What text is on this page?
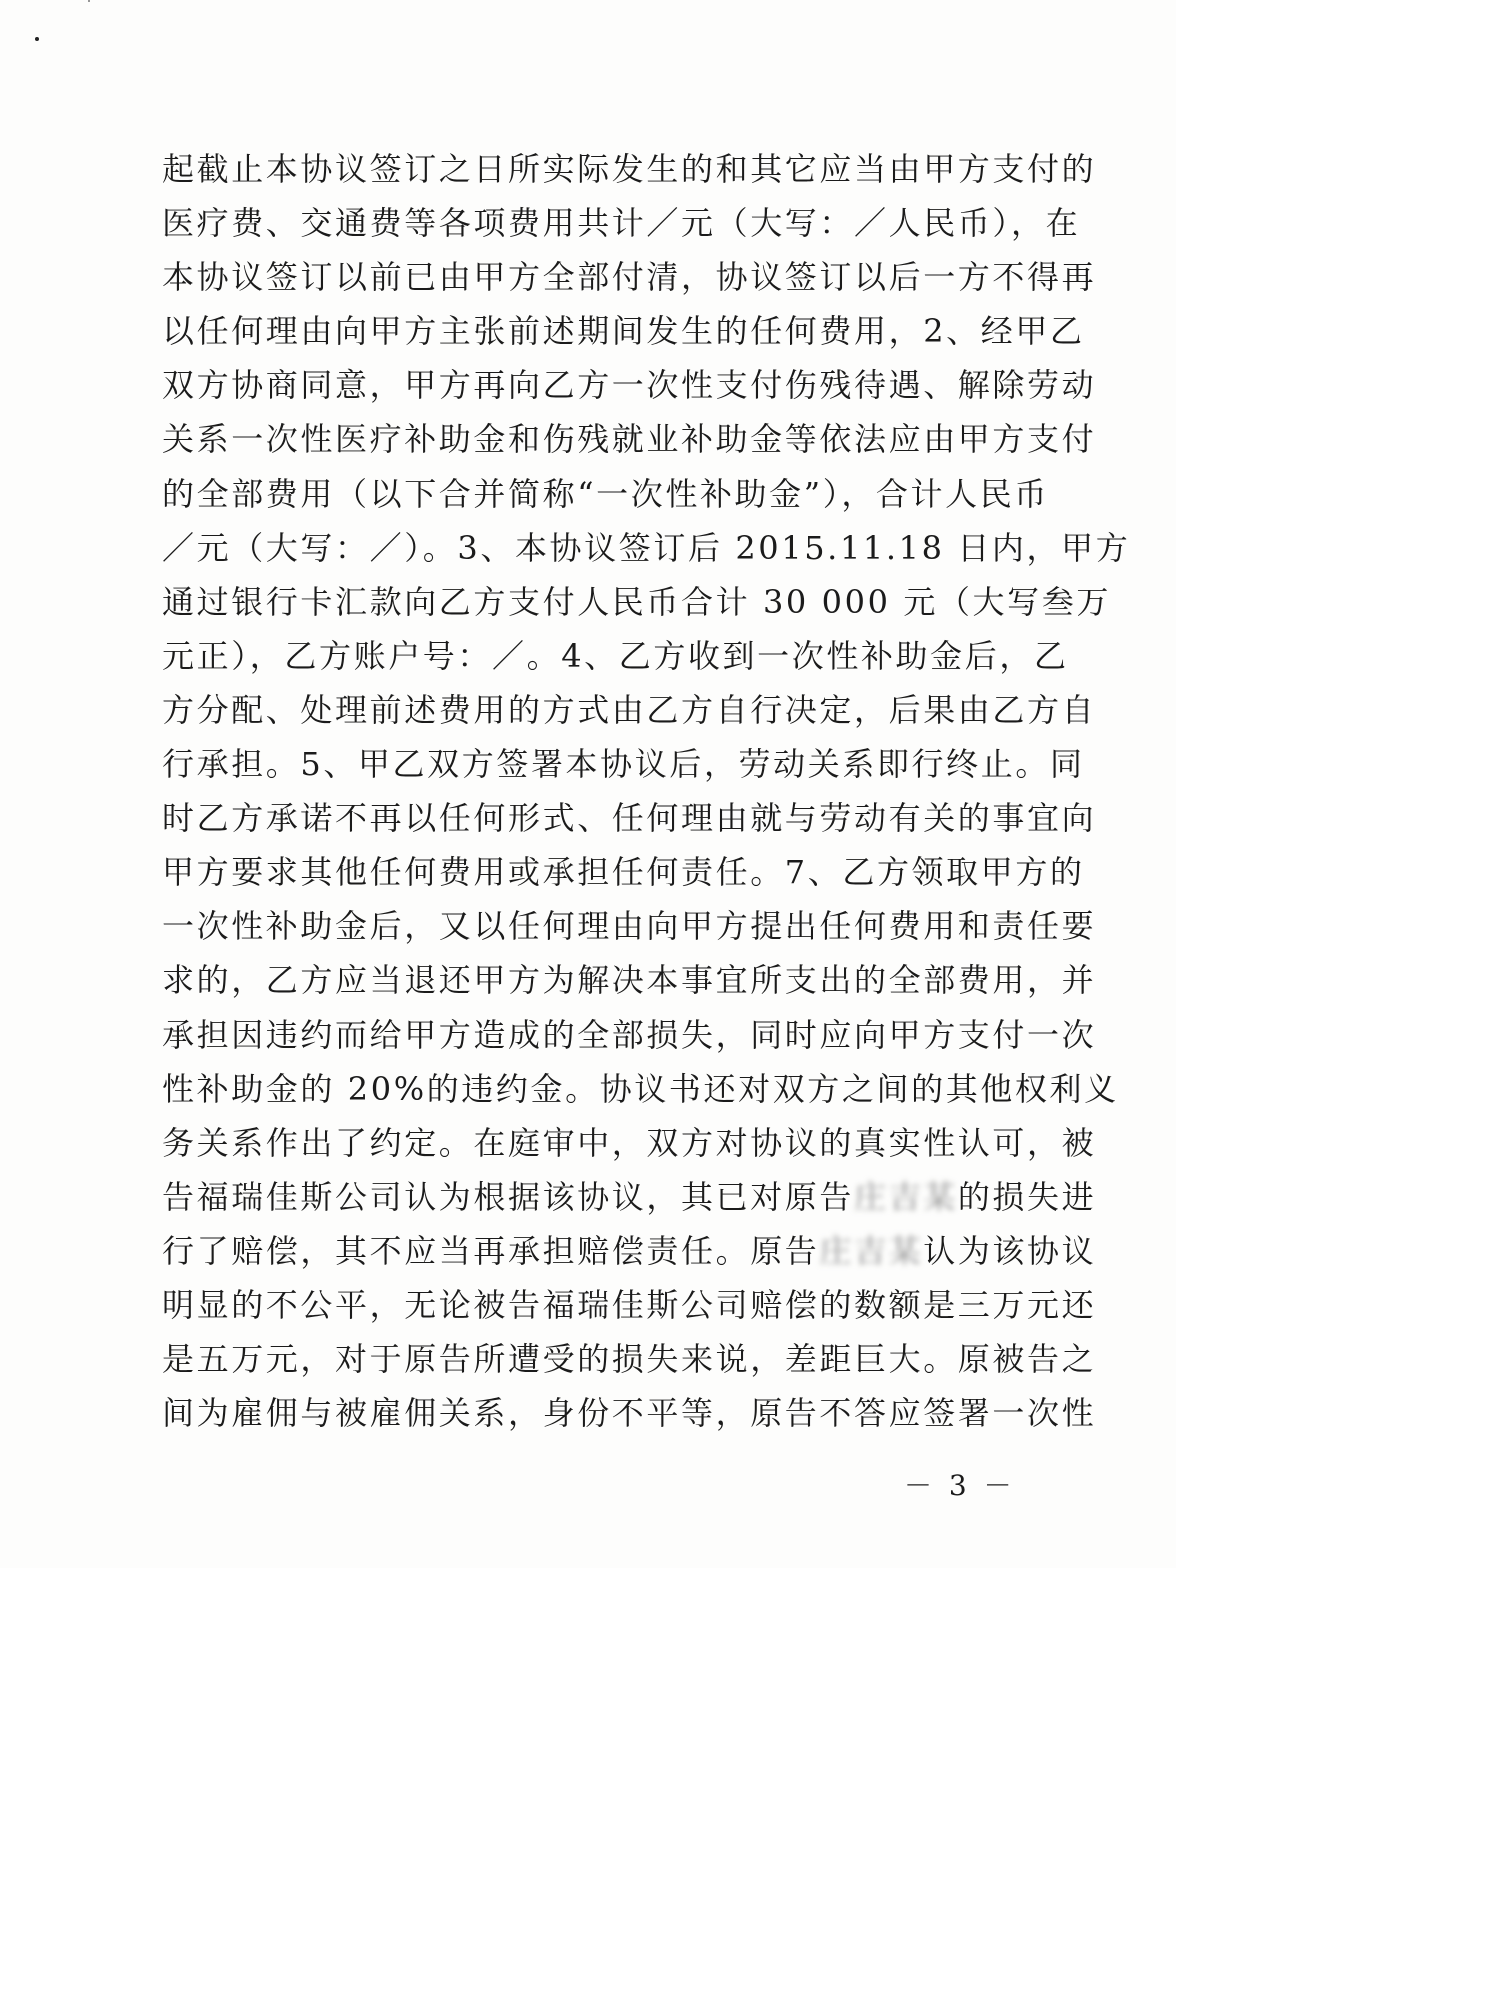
起截止本协议签订之日所实际发生的和其它应当由甲方支付的
医疗费、交通费等各项费用共计／元（大写：／人民币），在
本协议签订以前已由甲方全部付清，协议签订以后一方不得再
以任何理由向甲方主张前述期间发生的任何费用，2、经甲乙
双方协商同意，甲方再向乙方一次性支付伤残待遇、解除劳动
关系一次性医疗补助金和伤残就业补助金等依法应由甲方支付
的全部费用（以下合并简称“一次性补助金”），合计人民币
／元（大写：／）。3、本协议签订后 2015.11.18 日内，甲方
通过银行卡汇款向乙方支付人民币合计 30 000 元（大写叁万
元正），乙方账户号：／。4、乙方收到一次性补助金后，乙
方分配、处理前述费用的方式由乙方自行决定，后果由乙方自
行承担。5、甲乙双方签署本协议后，劳动关系即行终止。同
时乙方承诺不再以任何形式、任何理由就与劳动有关的事宜向
甲方要求其他任何费用或承担任何责任。7、乙方领取甲方的
一次性补助金后，又以任何理由向甲方提出任何费用和责任要
求的，乙方应当退还甲方为解决本事宜所支出的全部费用，并
承担因违约而给甲方造成的全部损失，同时应向甲方支付一次
性补助金的 20%的违约金。协议书还对双方之间的其他权利义
务关系作出了约定。在庭审中，双方对协议的真实性认可，被
告福瑞佳斯公司认为根据该协议，其已对原告庄吉某的损失进
行了赔偿，其不应当再承担赔偿责任。原告庄吉某认为该协议
明显的不公平，无论被告福瑞佳斯公司赔偿的数额是三万元还
是五万元，对于原告所遭受的损失来说，差距巨大。原被告之
间为雇佣与被雇佣关系，身份不平等，原告不答应签署一次性
－ 3 －
